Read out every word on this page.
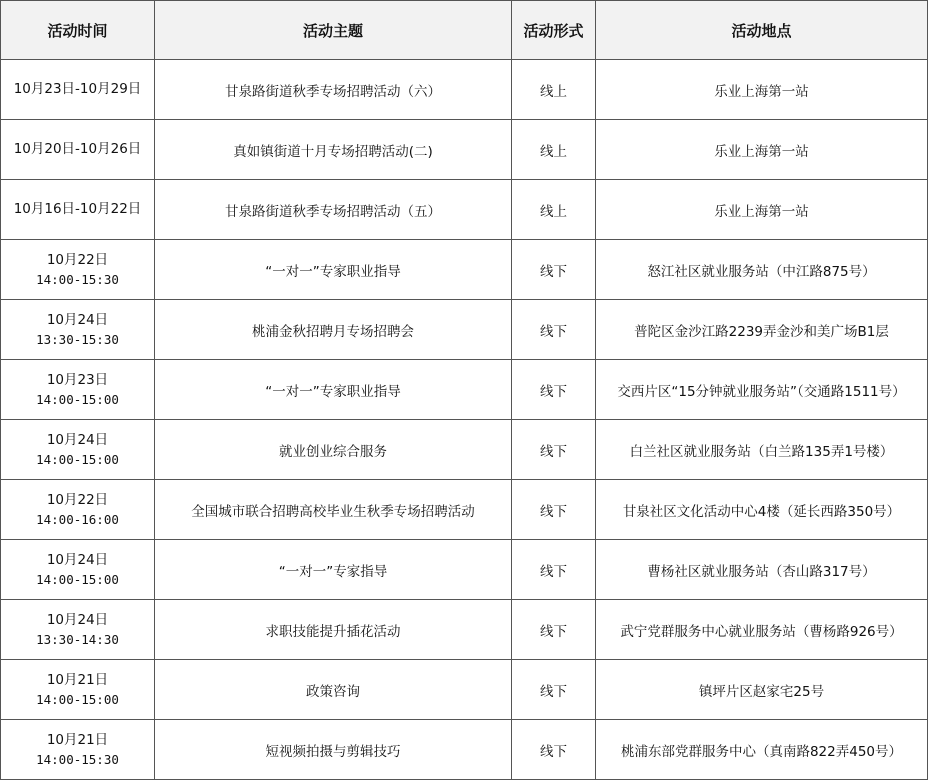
活动时间	活动主题	活动形式	活动地点

10月23日-10月29日	甘泉路街道秋季专场招聘活动（六）	线上	乐业上海第一站

10月20日-10月26日	真如镇街道十月专场招聘活动(二)	线上	乐业上海第一站

10月16日-10月22日	甘泉路街道秋季专场招聘活动（五）	线上	乐业上海第一站

10月22日
14:00-15:30	“一对一”专家职业指导	线下	怒江社区就业服务站（中江路875号）

10月24日
13:30-15:30	桃浦金秋招聘月专场招聘会	线下	普陀区金沙江路2239弄金沙和美广场B1层

10月23日
14:00-15:00	“一对一”专家职业指导	线下	交西片区“15分钟就业服务站”（交通路1511号）

10月24日
14:00-15:00	就业创业综合服务	线下	白兰社区就业服务站（白兰路135弄1号楼）

10月22日
14:00-16:00	全国城市联合招聘高校毕业生秋季专场招聘活动	线下	甘泉社区文化活动中心4楼（延长西路350号）

10月24日
14:00-15:00	“一对一”专家指导	线下	曹杨社区就业服务站（杏山路317号）

10月24日
13:30-14:30	求职技能提升插花活动	线下	武宁党群服务中心就业服务站（曹杨路926号）

10月21日
14:00-15:00	政策咨询	线下	镇坪片区赵家宅25号

10月21日
14:00-15:30	短视频拍摄与剪辑技巧	线下	桃浦东部党群服务中心（真南路822弄450号）
